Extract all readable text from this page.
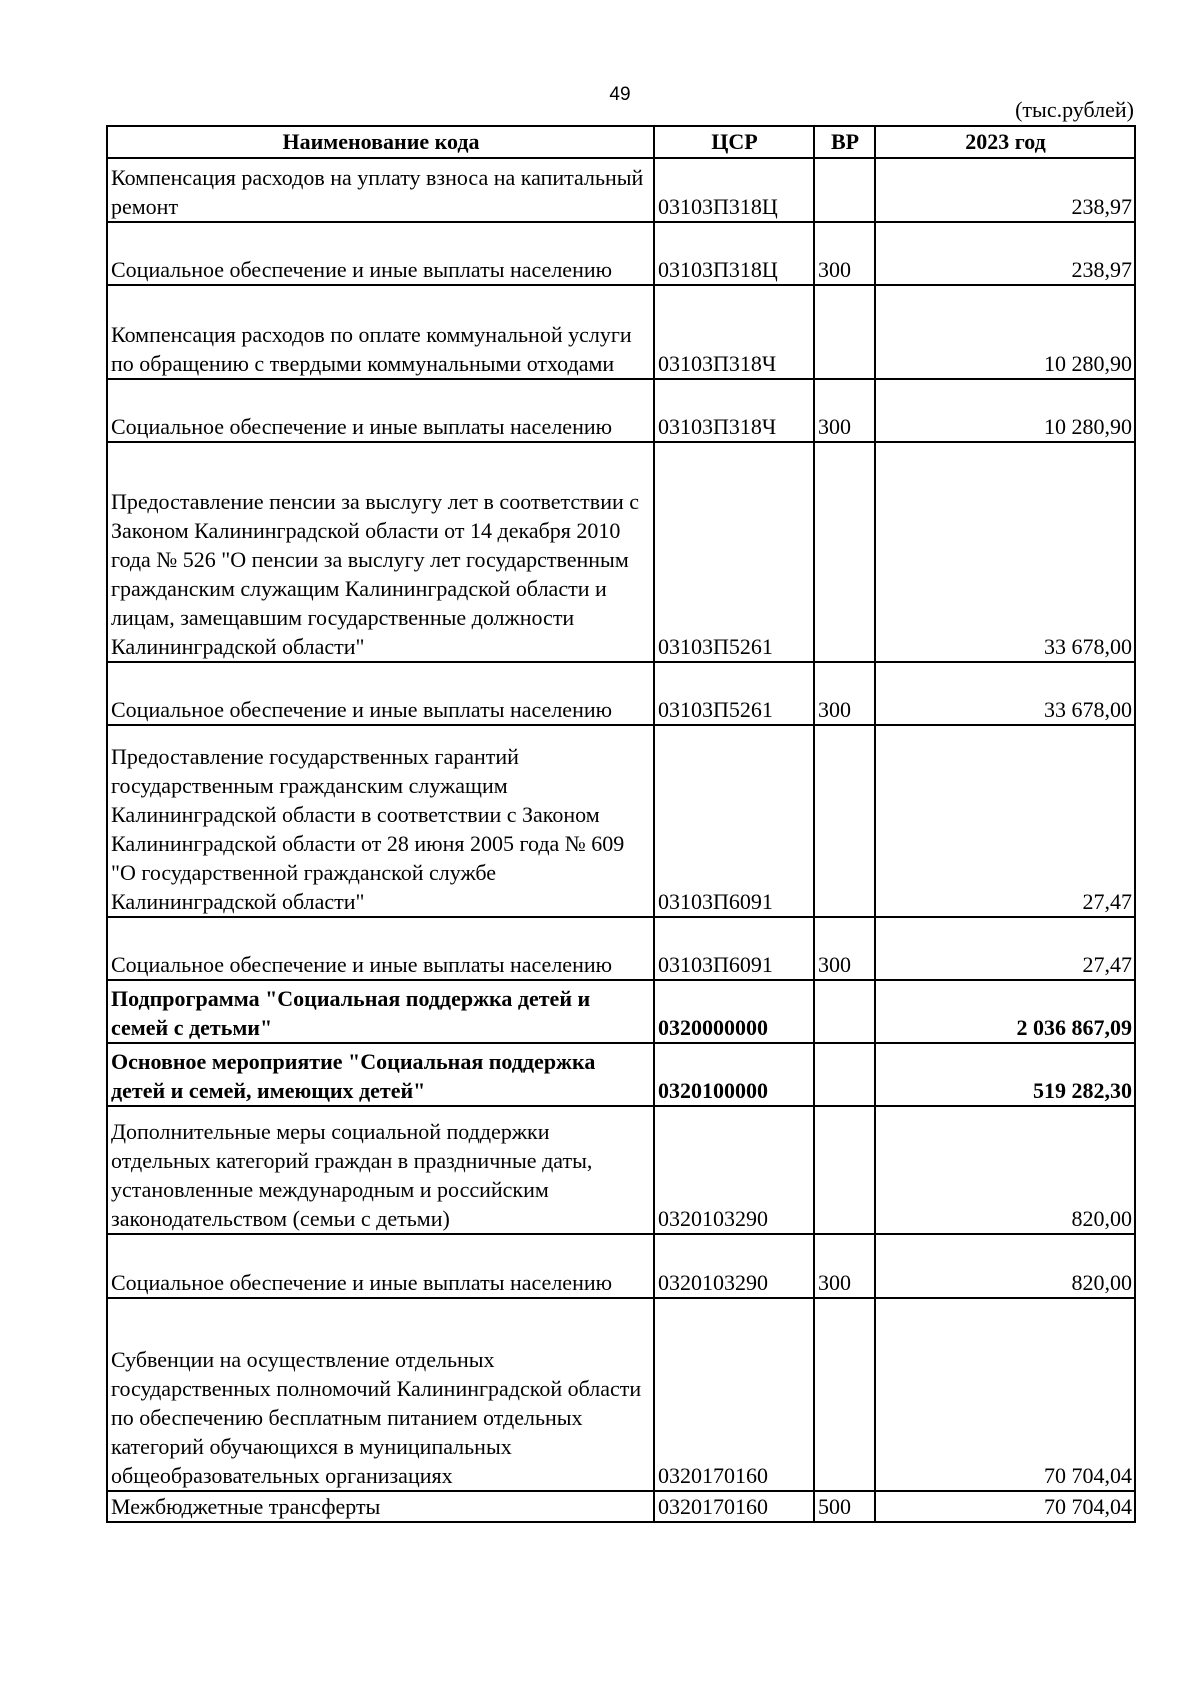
49
(тыс.рублей)
Наименование кода	ЦСР	ВР	2023 год
Компенсация расходов на уплату взноса на капитальный ремонт	03103П318Ц		238,97
Социальное обеспечение и иные выплаты населению	03103П318Ц	300	238,97
Компенсация расходов по оплате коммунальной услуги по обращению с твердыми коммунальными отходами	03103П318Ч		10 280,90
Социальное обеспечение и иные выплаты населению	03103П318Ч	300	10 280,90
Предоставление пенсии за выслугу лет в соответствии с Законом Калининградской области от 14 декабря 2010 года № 526 "О пенсии за выслугу лет государственным гражданским служащим Калининградской области и лицам, замещавшим государственные должности Калининградской области"	03103П5261		33 678,00
Социальное обеспечение и иные выплаты населению	03103П5261	300	33 678,00
Предоставление государственных гарантий государственным гражданским служащим Калининградской области в соответствии с Законом Калининградской области от 28 июня 2005 года № 609 "О государственной гражданской службе Калининградской области"	03103П6091		27,47
Социальное обеспечение и иные выплаты населению	03103П6091	300	27,47
Подпрограмма "Социальная поддержка детей и семей с детьми"	0320000000		2 036 867,09
Основное мероприятие "Социальная поддержка детей и семей, имеющих детей"	0320100000		519 282,30
Дополнительные меры социальной поддержки отдельных категорий граждан в праздничные даты, установленные международным и российским законодательством (семьи с детьми)	0320103290		820,00
Социальное обеспечение и иные выплаты населению	0320103290	300	820,00
Субвенции на осуществление отдельных государственных полномочий Калининградской области по обеспечению бесплатным питанием отдельных категорий обучающихся в муниципальных общеобразовательных организациях	0320170160		70 704,04
Межбюджетные трансферты	0320170160	500	70 704,04
